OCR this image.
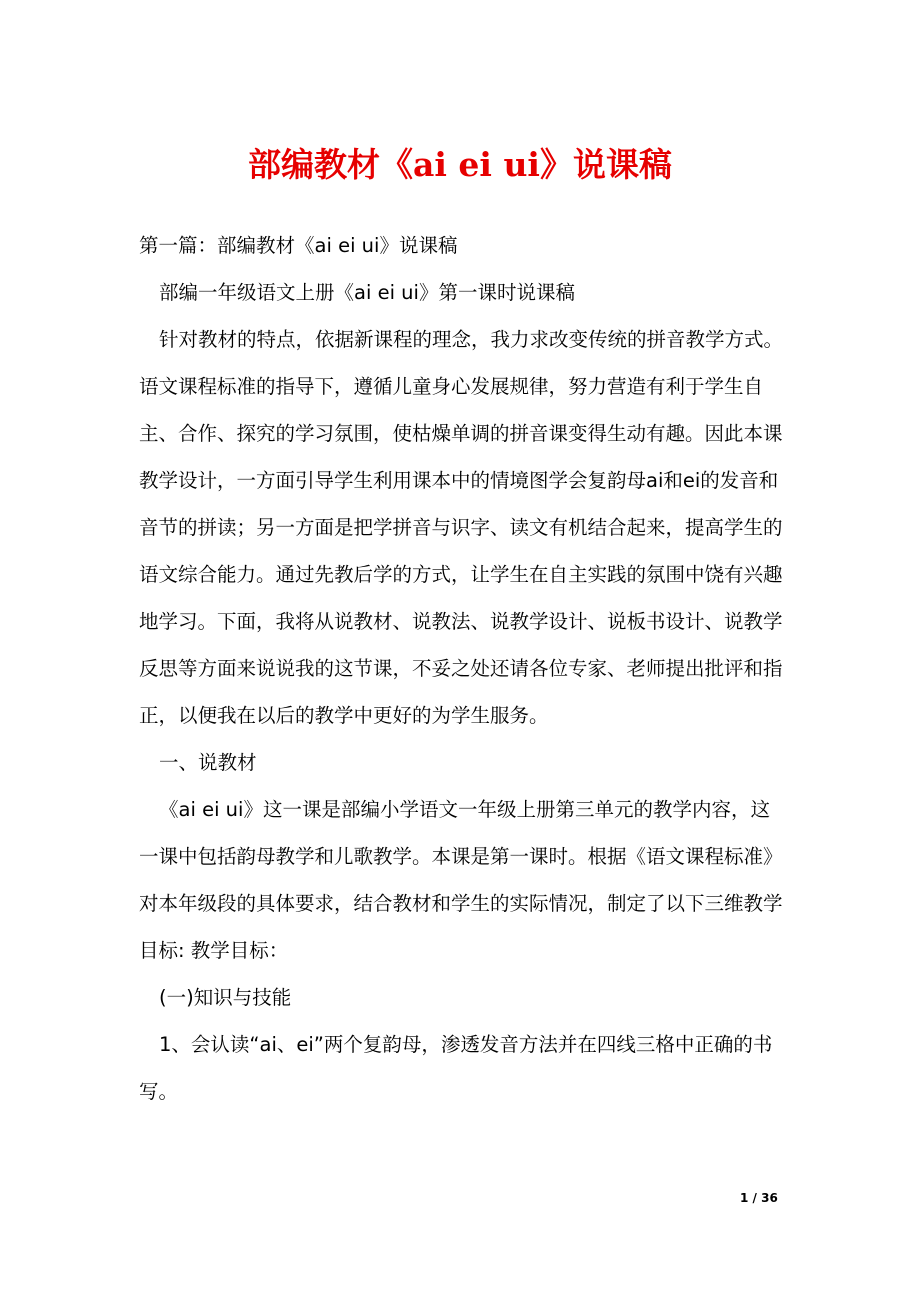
部编教材《ai ei ui》说课稿

第一篇：部编教材《ai ei ui》说课稿

部编一年级语文上册《ai ei ui》第一课时说课稿

针对教材的特点，依据新课程的理念，我力求改变传统的拼音教学方式。语文课程标准的指导下，遵循儿童身心发展规律，努力营造有利于学生自主、合作、探究的学习氛围，使枯燥单调的拼音课变得生动有趣。因此本课教学设计，一方面引导学生利用课本中的情境图学会复韵母ai和ei的发音和音节的拼读；另一方面是把学拼音与识字、读文有机结合起来，提高学生的语文综合能力。通过先教后学的方式，让学生在自主实践的氛围中饶有兴趣地学习。下面，我将从说教材、说教法、说教学设计、说板书设计、说教学反思等方面来说说我的这节课，不妥之处还请各位专家、老师提出批评和指正，以便我在以后的教学中更好的为学生服务。

一、说教材

《ai ei ui》这一课是部编小学语文一年级上册第三单元的教学内容，这一课中包括韵母教学和儿歌教学。本课是第一课时。根据《语文课程标准》对本年级段的具体要求，结合教材和学生的实际情况，制定了以下三维教学目标: 教学目标：

(一)知识与技能

1、会认读“ai、ei”两个复韵母，渗透发音方法并在四线三格中正确的书写。

1 / 36
